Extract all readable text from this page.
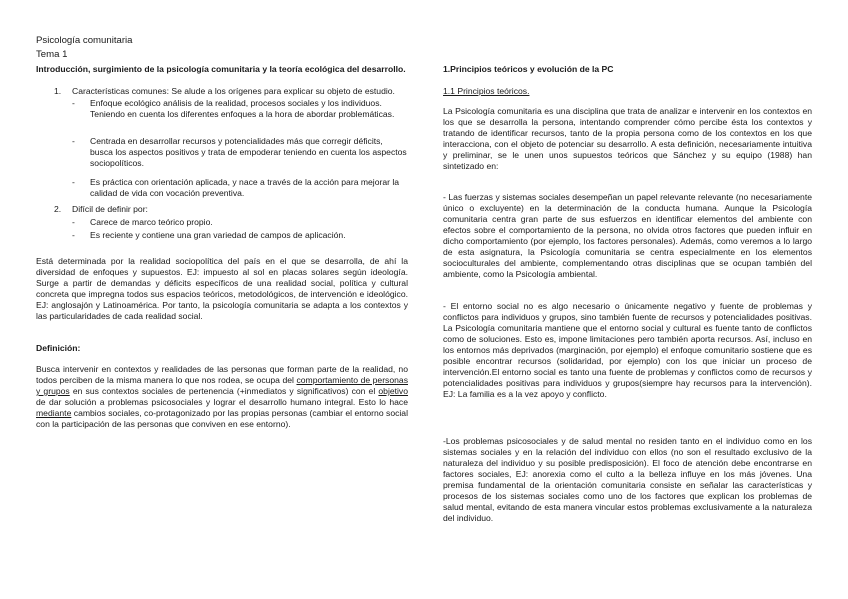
Psicología comunitaria

Tema 1

Introducción, surgimiento de la psicología comunitaria y la teoría ecológica del desarrollo.

1. Características comunes: Se alude a los orígenes para explicar su objeto de estudio.
- Enfoque ecológico análisis de la realidad, procesos sociales y los individuos. Teniendo en cuenta los diferentes enfoques a la hora de abordar problemáticas.
- Centrada en desarrollar recursos y potencialidades más que corregir déficits, busca los aspectos positivos y trata de empoderar teniendo en cuenta los aspectos sociopolíticos.
- Es práctica con orientación aplicada, y nace a través de la acción para mejorar la calidad de vida con vocación preventiva.
2. Difícil de definir por:
- Carece de marco teórico propio.
- Es reciente y contiene una gran variedad de campos de aplicación.
Está determinada por la realidad sociopolítica del país en el que se desarrolla, de ahí la diversidad de enfoques y supuestos. EJ: impuesto al sol en placas solares según ideología. Surge a partir de demandas y déficits específicos de una realidad social, política y cultural concreta que impregna todos sus espacios teóricos, metodológicos, de intervención e ideológico. EJ: anglosajón y Latinoamérica. Por tanto, la psicología comunitaria se adapta a los contextos y las particularidades de cada realidad social.

Definición:

Busca intervenir en contextos y realidades de las personas que forman parte de la realidad, no todos perciben de la misma manera lo que nos rodea, se ocupa del comportamiento de personas y grupos en sus contextos sociales de pertenencia (+inmediatos y significativos) con el objetivo de dar solución a problemas psicosociales y lograr el desarrollo humano integral. Esto lo hace mediante cambios sociales, co-protagonizado por las propias personas (cambiar el entorno social con la participación de las personas que conviven en ese entorno).

1.Principios teóricos y evolución de la PC

1.1 Principios teóricos.

La Psicología comunitaria es una disciplina que trata de analizar e intervenir en los contextos en los que se desarrolla la persona, intentando comprender cómo percibe ésta los contextos y tratando de identificar recursos, tanto de la propia persona como de los contextos en los que interacciona, con el objeto de potenciar su desarrollo. A esta definición, necesariamente intuitiva y preliminar, se le unen unos supuestos teóricos que Sánchez y su equipo (1988) han sintetizado en:
- Las fuerzas y sistemas sociales desempeñan un papel relevante relevante (no necesariamente único o excluyente) en la determinación de la conducta humana. Aunque la Psicología comunitaria centra gran parte de sus esfuerzos en identificar elementos del ambiente con efectos sobre el comportamiento de la persona, no olvida otros factores que pueden influir en dicho comportamiento (por ejemplo, los factores personales). Además, como veremos a lo largo de esta asignatura, la Psicología comunitaria se centra especialmente en los elementos socioculturales del ambiente, complementando otras disciplinas que se ocupan también del ambiente, como la Psicología ambiental.
- El entorno social no es algo necesario o únicamente negativo y fuente de problemas y conflictos para individuos y grupos, sino también fuente de recursos y potencialidades positivas. La Psicología comunitaria mantiene que el entorno social y cultural es fuente tanto de conflictos como de soluciones. Esto es, impone limitaciones pero también aporta recursos. Así, incluso en los entornos más deprivados (marginación, por ejemplo) el enfoque comunitario sostiene que es posible encontrar recursos (solidaridad, por ejemplo) con los que iniciar un proceso de intervención.El entorno social es tanto una fuente de problemas y conflictos como de recursos y potencialidades positivas para individuos y grupos(siempre hay recursos para la intervención). EJ: La familia es a la vez apoyo y conflicto.
-Los problemas psicosociales y de salud mental no residen tanto en el individuo como en los sistemas sociales y en la relación del individuo con ellos (no son el resultado exclusivo de la naturaleza del individuo y su posible predisposición). El foco de atención debe encontrarse en factores sociales, EJ: anorexia como el culto a la belleza influye en los más jóvenes. Una premisa fundamental de la orientación comunitaria consiste en señalar las características y procesos de los sistemas sociales como uno de los factores que explican los problemas de salud mental, evitando de esta manera vincular estos problemas exclusivamente a la naturaleza del individuo.
